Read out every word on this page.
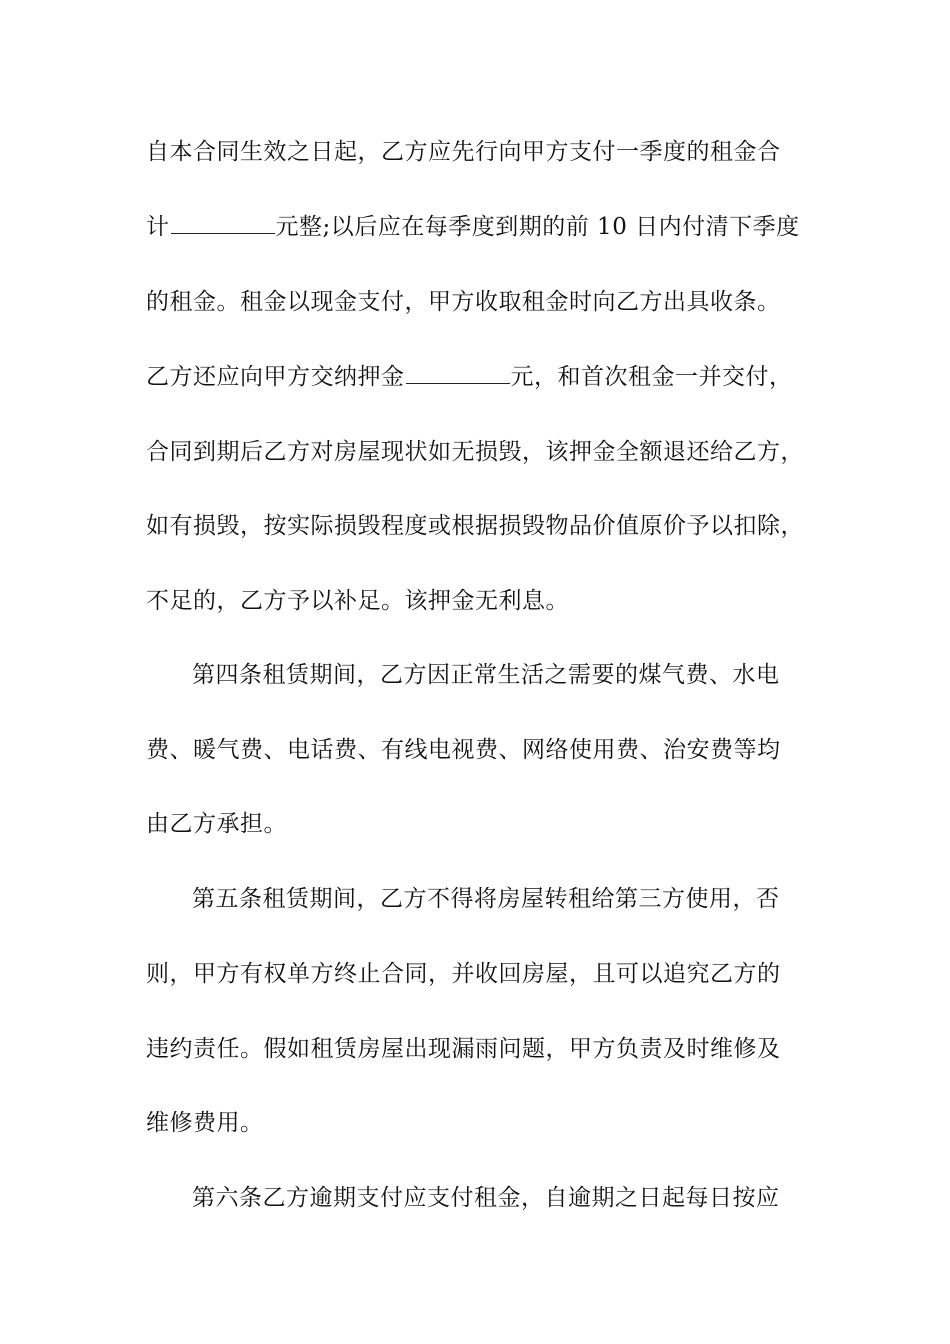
自本合同生效之日起，乙方应先行向甲方支付一季度的租金合
计	元整;以后应在每季度到期的前 10 日内付清下季度
的租金。租金以现金支付，甲方收取租金时向乙方出具收条。
乙方还应向甲方交纳押金	元，和首次租金一并交付，
合同到期后乙方对房屋现状如无损毁，该押金全额退还给乙方，
如有损毁，按实际损毁程度或根据损毁物品价值原价予以扣除，
不足的，乙方予以补足。该押金无利息。
第四条租赁期间，乙方因正常生活之需要的煤气费、水电
费、暖气费、电话费、有线电视费、网络使用费、治安费等均
由乙方承担。
第五条租赁期间，乙方不得将房屋转租给第三方使用，否
则，甲方有权单方终止合同，并收回房屋，且可以追究乙方的
违约责任。假如租赁房屋出现漏雨问题，甲方负责及时维修及
维修费用。
第六条乙方逾期支付应支付租金，自逾期之日起每日按应
